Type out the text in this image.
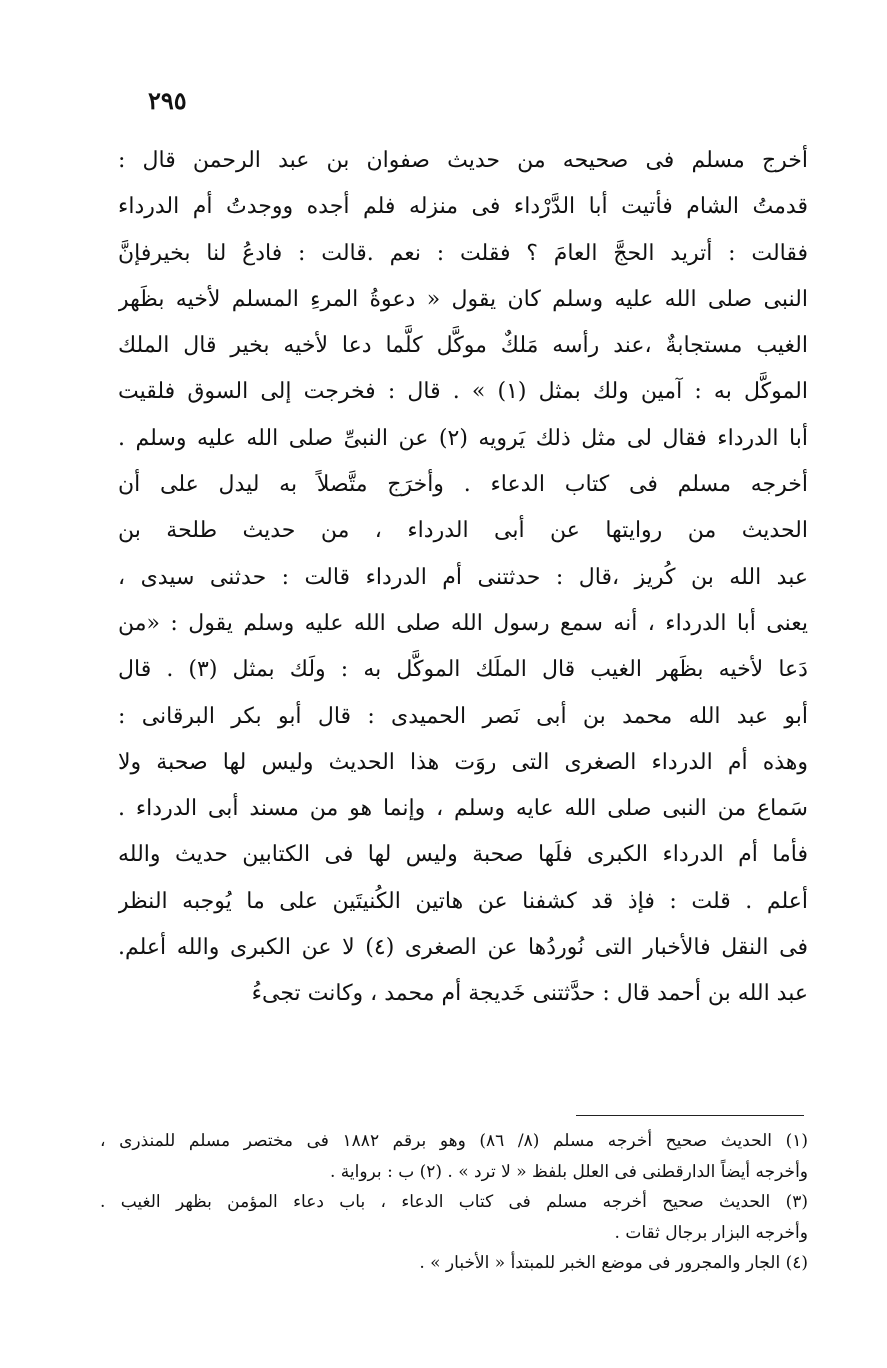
٢٩٥
أخرج مسلم فى صحيحه من حديث صفوان بن عبد الرحمن قال :
قدمتُ الشام فأتيت أبا الدَّرْداء فى منزله فلم أجده ووجدتُ أم الدرداء
فقالت : أتريد الحجَّ العامَ ؟ فقلت : نعم .قالت : فادعُ لنا بخيرفإنَّ
النبى صلى الله عليه وسلم كان يقول « دعوةُ المرءِ المسلم لأخيه بظَهر
الغيب مستجابةٌ ،عند رأسه مَلكٌ موكَّل كلَّما دعا لأخيه بخير قال الملك
الموكَّل به : آمين ولك بمثل (١) » . قال : فخرجت إلى السوق فلقيت
أبا الدرداء فقال لى مثل ذلك يَرويه (٢) عن النبىِّ صلى الله عليه وسلم .
أخرجه مسلم فى كتاب الدعاء . وأخرَج متَّصلاً به ليدل على أن
الحديث من روايتها عن أبى الدرداء ، من حديث طلحة بن
عبد الله بن كُريز ،قال : حدثتنى أم الدرداء قالت : حدثنى سيدى ،
يعنى أبا الدرداء ، أنه سمع رسول الله صلى الله عليه وسلم يقول : «من
دَعا لأخيه بظَهر الغيب قال الملَك الموكَّل به : ولَك بمثل (٣) . قال
أبو عبد الله محمد بن أبى نَصر الحميدى : قال أبو بكر البرقانى :
وهذه أم الدرداء الصغرى التى روَت هذا الحديث وليس لها صحبة ولا
سَماع من النبى صلى الله عايه وسلم ، وإنما هو من مسند أبى الدرداء .
فأما أم الدرداء الكبرى فلَها صحبة وليس لها فى الكتابين حديث والله
أعلم . قلت : فإذ قد كشفنا عن هاتين الكُنيتَين على ما يُوجبه النظر
فى النقل فالأخبار التى نُوردُها عن الصغرى (٤) لا عن الكبرى والله أعلم.
عبد الله بن أحمد قال : حدَّثتنى خَديجة أم محمد ، وكانت تجىءُ
(١) الحديث صحيح أخرجه مسلم (٨/ ٨٦) وهو برقم ١٨٨٢ فى مختصر مسلم للمنذرى ،
وأخرجه أيضاً الدارقطنى فى العلل بلفظ « لا ترد » . (٢) ب : برواية .
(٣) الحديث صحيح أخرجه مسلم فى كتاب الدعاء ، باب دعاء المؤمن بظهر الغيب .
وأخرجه البزار برجال ثقات .
(٤) الجار والمجرور فى موضع الخبر للمبتدأ « الأخبار » .
